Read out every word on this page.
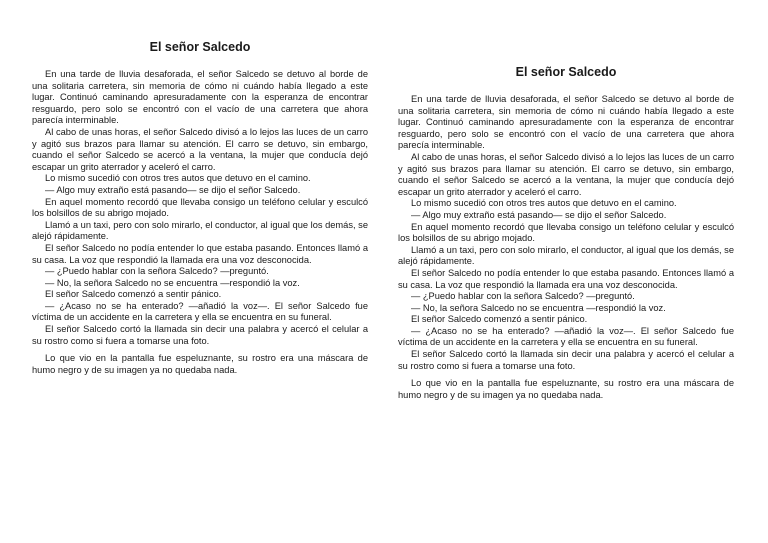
El señor Salcedo

En una tarde de lluvia desaforada, el señor Salcedo se detuvo al borde de una solitaria carretera, sin memoria de cómo ni cuándo había llegado a este lugar. Continuó caminando apresuradamente con la esperanza de encontrar resguardo, pero solo se encontró con el vacío de una carretera que ahora parecía interminable.

Al cabo de unas horas, el señor Salcedo divisó a lo lejos las luces de un carro y agitó sus brazos para llamar su atención. El carro se detuvo, sin embargo, cuando el señor Salcedo se acercó a la ventana, la mujer que conducía dejó escapar un grito aterrador y aceleró el carro.

Lo mismo sucedió con otros tres autos que detuvo en el camino.

— Algo muy extraño está pasando— se dijo el señor Salcedo.

En aquel momento recordó que llevaba consigo un teléfono celular y esculcó los bolsillos de su abrigo mojado.

Llamó a un taxi, pero con solo mirarlo, el conductor, al igual que los demás, se alejó rápidamente.

El señor Salcedo no podía entender lo que estaba pasando. Entonces llamó a su casa. La voz que respondió la llamada era una voz desconocida.

— ¿Puedo hablar con la señora Salcedo? —preguntó.

— No, la señora Salcedo no se encuentra —respondió la voz.

El señor Salcedo comenzó a sentir pánico.

— ¿Acaso no se ha enterado? —añadió la voz—. El señor Salcedo fue víctima de un accidente en la carretera y ella se encuentra en su funeral.

El señor Salcedo cortó la llamada sin decir una palabra y acercó el celular a su rostro como si fuera a tomarse una foto.

Lo que vio en la pantalla fue espeluznante, su rostro era una máscara de humo negro y de su imagen ya no quedaba nada.

El señor Salcedo

En una tarde de lluvia desaforada, el señor Salcedo se detuvo al borde de una solitaria carretera, sin memoria de cómo ni cuándo había llegado a este lugar. Continuó caminando apresuradamente con la esperanza de encontrar resguardo, pero solo se encontró con el vacío de una carretera que ahora parecía interminable.

Al cabo de unas horas, el señor Salcedo divisó a lo lejos las luces de un carro y agitó sus brazos para llamar su atención. El carro se detuvo, sin embargo, cuando el señor Salcedo se acercó a la ventana, la mujer que conducía dejó escapar un grito aterrador y aceleró el carro.

Lo mismo sucedió con otros tres autos que detuvo en el camino.

— Algo muy extraño está pasando— se dijo el señor Salcedo.

En aquel momento recordó que llevaba consigo un teléfono celular y esculcó los bolsillos de su abrigo mojado.

Llamó a un taxi, pero con solo mirarlo, el conductor, al igual que los demás, se alejó rápidamente.

El señor Salcedo no podía entender lo que estaba pasando. Entonces llamó a su casa. La voz que respondió la llamada era una voz desconocida.

— ¿Puedo hablar con la señora Salcedo? —preguntó.

— No, la señora Salcedo no se encuentra —respondió la voz.

El señor Salcedo comenzó a sentir pánico.

— ¿Acaso no se ha enterado? —añadió la voz—. El señor Salcedo fue víctima de un accidente en la carretera y ella se encuentra en su funeral.

El señor Salcedo cortó la llamada sin decir una palabra y acercó el celular a su rostro como si fuera a tomarse una foto.

Lo que vio en la pantalla fue espeluznante, su rostro era una máscara de humo negro y de su imagen ya no quedaba nada.
